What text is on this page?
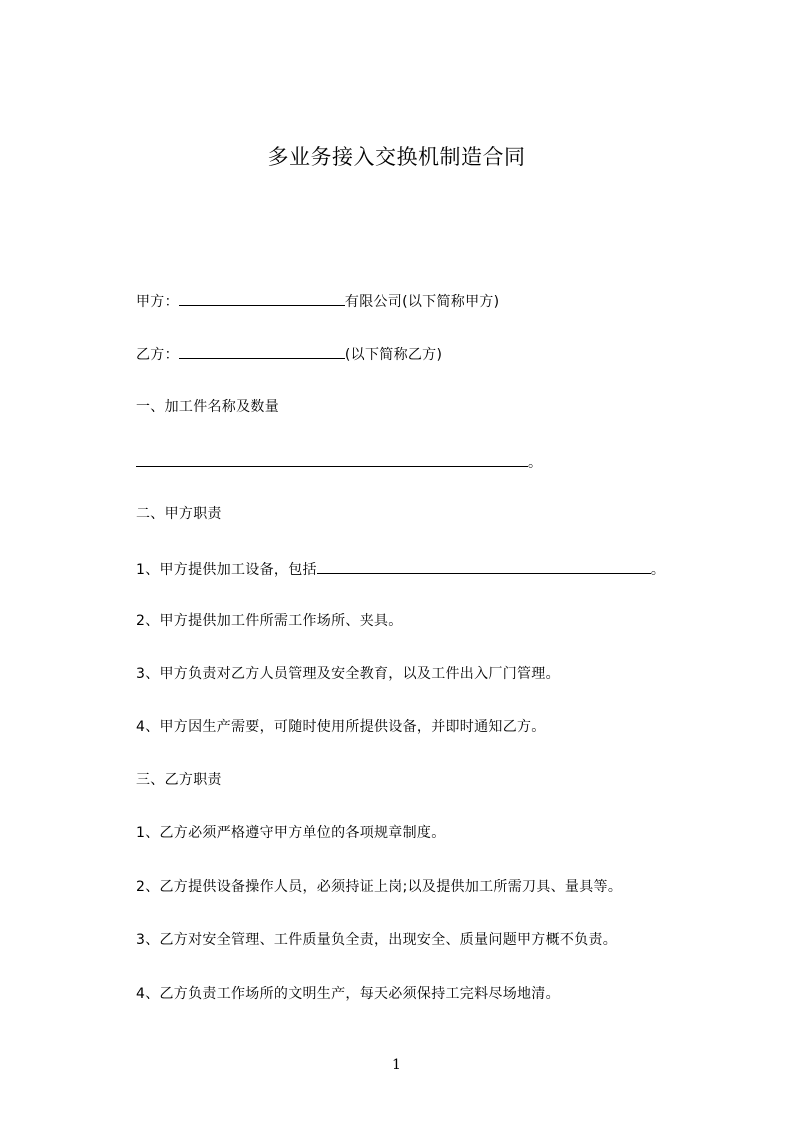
多业务接入交换机制造合同
甲方：	有限公司(以下简称甲方)
乙方：	(以下简称乙方)
一、加工件名称及数量
。
二、甲方职责
1、甲方提供加工设备，包括	。
2、甲方提供加工件所需工作场所、夹具。
3、甲方负责对乙方人员管理及安全教育，以及工件出入厂门管理。
4、甲方因生产需要，可随时使用所提供设备，并即时通知乙方。
三、乙方职责
1、乙方必须严格遵守甲方单位的各项规章制度。
2、乙方提供设备操作人员，必须持证上岗;以及提供加工所需刀具、量具等。
3、乙方对安全管理、工件质量负全责，出现安全、质量问题甲方概不负责。
4、乙方负责工作场所的文明生产，每天必须保持工完料尽场地清。
1
